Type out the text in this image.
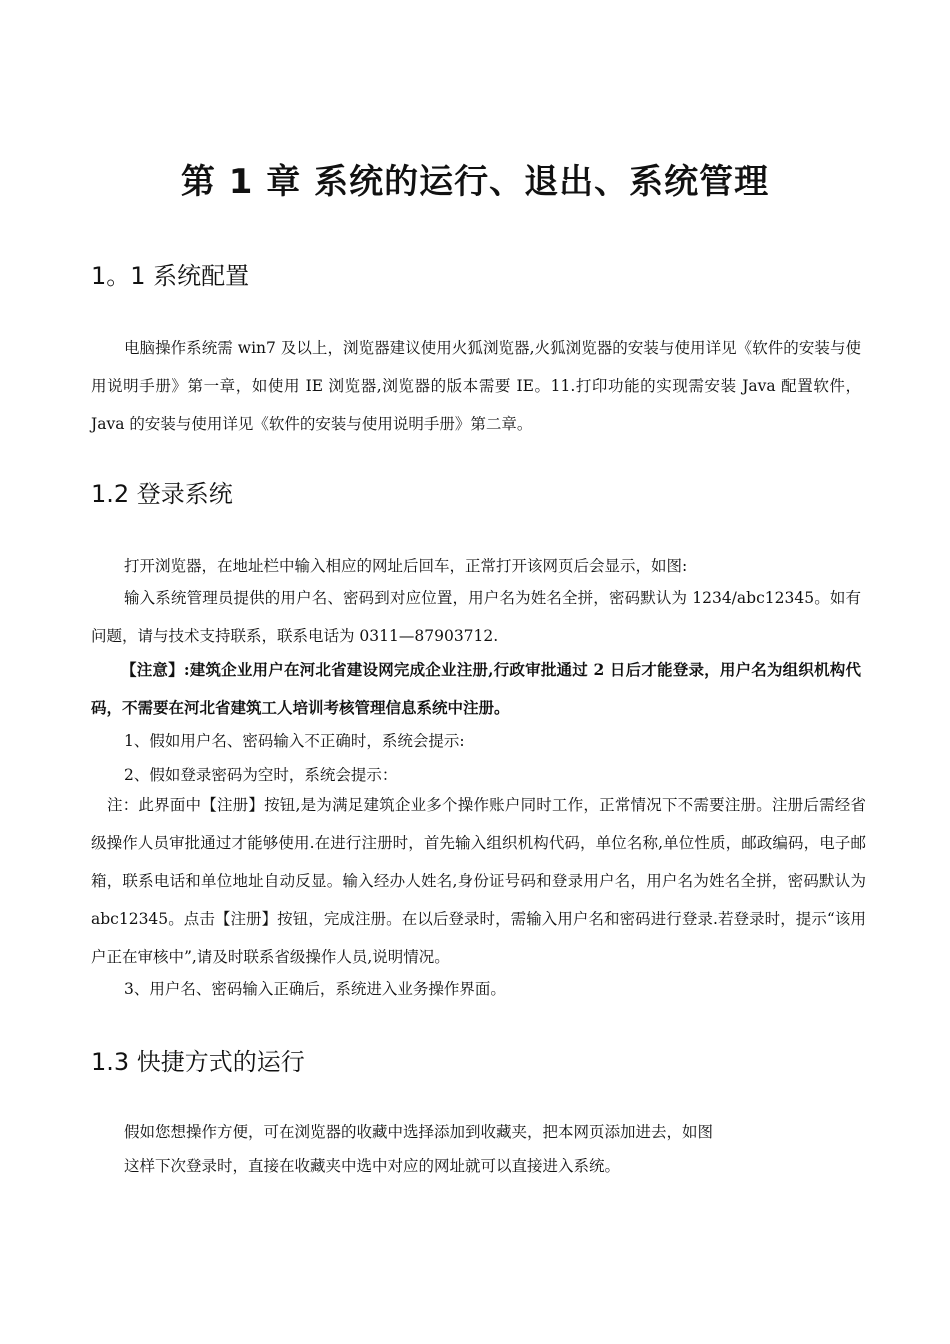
第 1 章 系统的运行、退出、系统管理
1。1 系统配置

电脑操作系统需 win7 及以上，浏览器建议使用火狐浏览器,火狐浏览器的安装与使用详见《软件的安装与使用说明手册》第一章，如使用 IE 浏览器,浏览器的版本需要 IE。11.打印功能的实现需安装 Java 配置软件，Java 的安装与使用详见《软件的安装与使用说明手册》第二章。

1.2 登录系统

打开浏览器，在地址栏中输入相应的网址后回车，正常打开该网页后会显示，如图:

输入系统管理员提供的用户名、密码到对应位置，用户名为姓名全拼，密码默认为 1234/abc12345。如有问题，请与技术支持联系，联系电话为 0311—87903712.

【注意】:建筑企业用户在河北省建设网完成企业注册,行政审批通过 2 日后才能登录，用户名为组织机构代码，不需要在河北省建筑工人培训考核管理信息系统中注册。

1、假如用户名、密码输入不正确时，系统会提示:

2、假如登录密码为空时，系统会提示：

注：此界面中【注册】按钮,是为满足建筑企业多个操作账户同时工作，正常情况下不需要注册。注册后需经省级操作人员审批通过才能够使用.在进行注册时，首先输入组织机构代码，单位名称,单位性质，邮政编码，电子邮箱，联系电话和单位地址自动反显。输入经办人姓名,身份证号码和登录用户名，用户名为姓名全拼，密码默认为 abc12345。点击【注册】按钮，完成注册。在以后登录时，需输入用户名和密码进行登录.若登录时，提示“该用户正在审核中”,请及时联系省级操作人员,说明情况。

3、用户名、密码输入正确后，系统进入业务操作界面。

1.3 快捷方式的运行

假如您想操作方便，可在浏览器的收藏中选择添加到收藏夹，把本网页添加进去，如图

这样下次登录时，直接在收藏夹中选中对应的网址就可以直接进入系统。
